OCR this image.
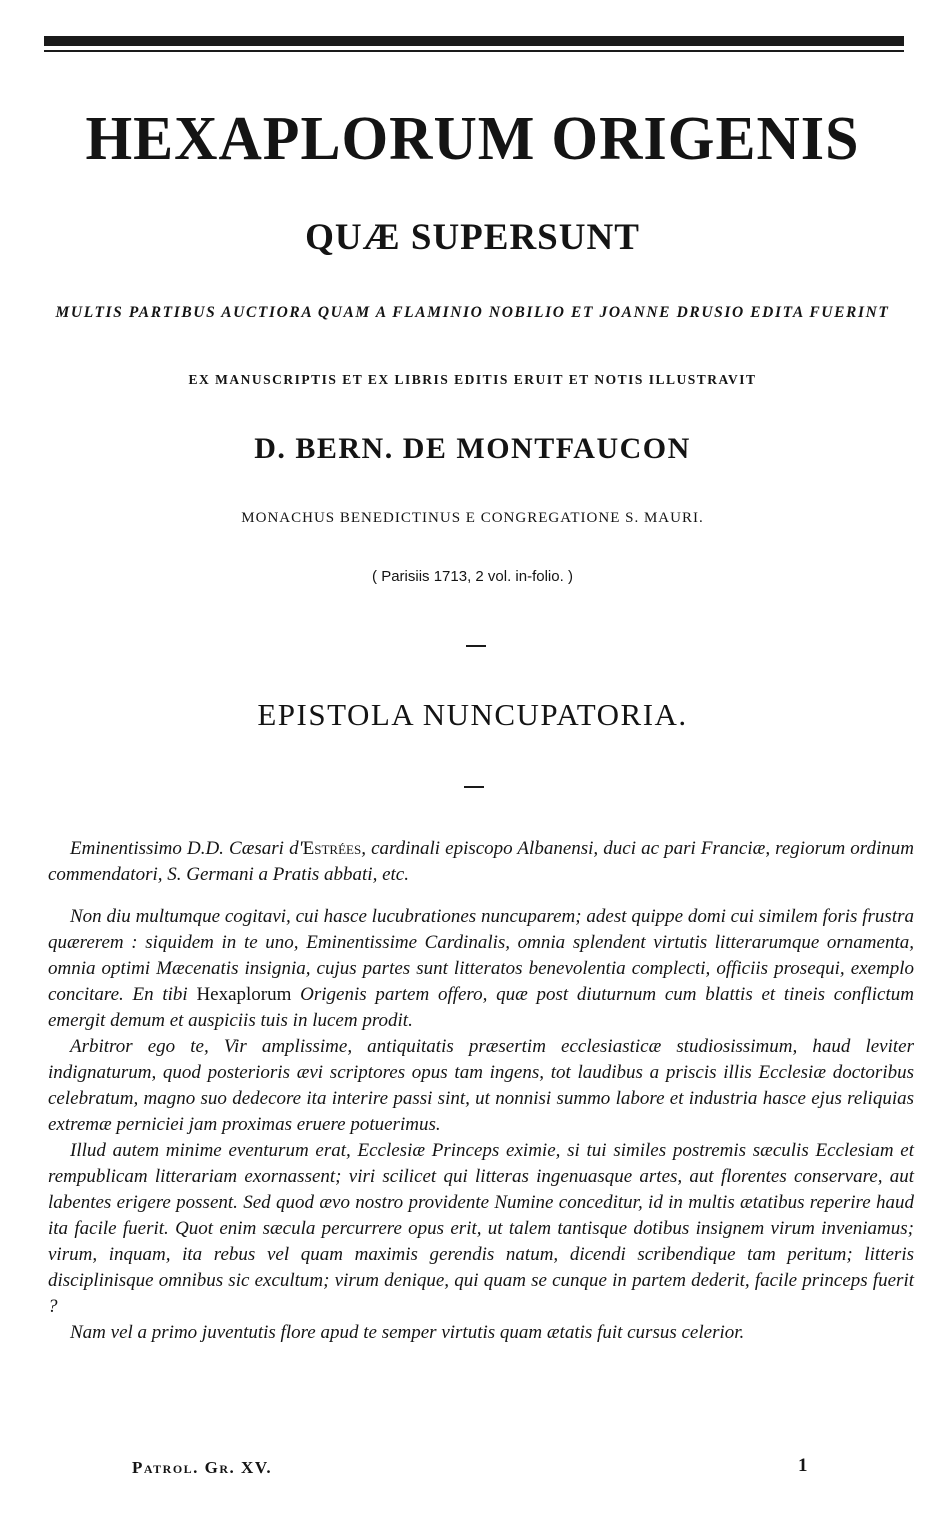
HEXAPLORUM ORIGENIS
QUÆ SUPERSUNT
MULTIS PARTIBUS AUCTIORA QUAM A FLAMINIO NOBILIO ET JOANNE DRUSIO EDITA FUERINT
EX MANUSCRIPTIS ET EX LIBRIS EDITIS ERUIT ET NOTIS ILLUSTRAVIT
D. BERN. DE MONTFAUCON
MONACHUS BENEDICTINUS E CONGREGATIONE S. MAURI.
( Parisiis 1713, 2 vol. in-folio. )
EPISTOLA NUNCUPATORIA.

Eminentissimo D.D. Cæsari d'Estrées, cardinali episcopo Albanensi, duci ac pari Franciæ, regiorum ordinum commendatori, S. Germani a Pratis abbati, etc.

Non diu multumque cogitavi, cui hasce lucubrationes nuncuparem; adest quippe domi cui similem foris frustra quærerem : siquidem in te uno, Eminentissime Cardinalis, omnia splendent virtutis litterarumque ornamenta, omnia optimi Mæcenatis insignia, cujus partes sunt litteratos benevolentia complecti, officiis prosequi, exemplo concitare. En tibi Hexaplorum Origenis partem offero, quæ post diuturnum cum blattis et tineis conflictum emergit demum et auspiciis tuis in lucem prodit.

Arbitror ego te, Vir amplissime, antiquitatis præsertim ecclesiasticæ studiosissimum, haud leviter indignaturum, quod posterioris ævi scriptores opus tam ingens, tot laudibus a priscis illis Ecclesiæ doctoribus celebratum, magno suo dedecore ita interire passi sint, ut nonnisi summo labore et industria hasce ejus reliquias extremæ perniciei jam proximas eruere potuerimus.

Illud autem minime eventurum erat, Ecclesiæ Princeps eximie, si tui similes postremis sæculis Ecclesiam et rempublicam litterariam exornassent; viri scilicet qui litteras ingenuasque artes, aut florentes conservare, aut labentes erigere possent. Sed quod ævo nostro providente Numine conceditur, id in multis ætatibus reperire haud ita facile fuerit. Quot enim sæcula percurrere opus erit, ut talem tantisque dotibus insignem virum inveniamus; virum, inquam, ita rebus vel quam maximis gerendis natum, dicendi scribendique tam peritum; litteris disciplinisque omnibus sic excultum; virum denique, qui quam se cunque in partem dederit, facile princeps fuerit ?

Nam vel a primo juventutis flore apud te semper virtutis quam ætatis fuit cursus celerior.

Patrol. Gr. XV.	1
